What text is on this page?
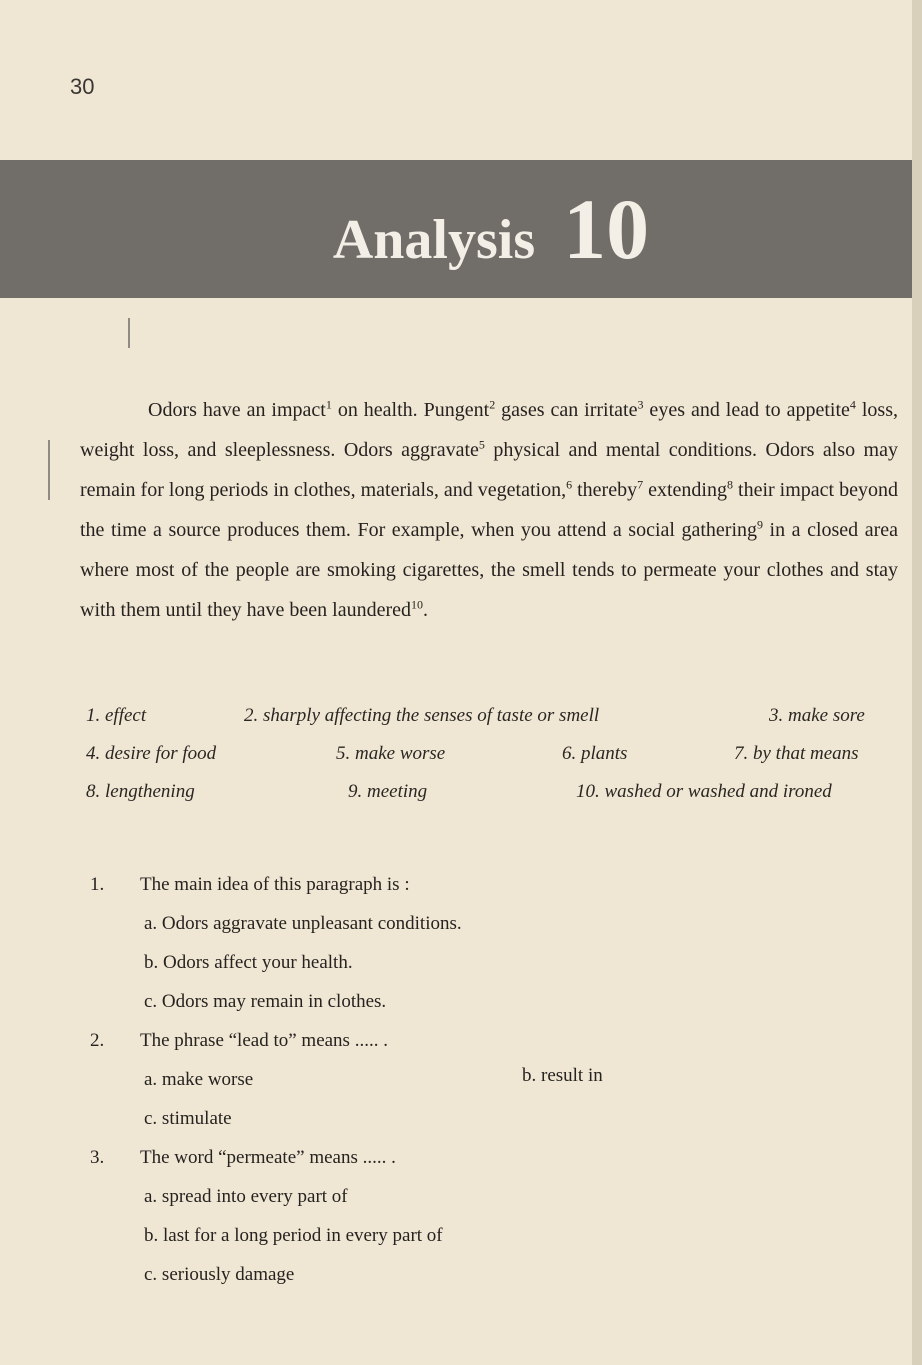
30
Analysis 10
Odors have an impact$^1$ on health. Pungent$^2$ gases can irritate$^3$ eyes and lead to appetite$^4$ loss, weight loss, and sleeplessness. Odors aggravate$^5$ physical and mental conditions. Odors also may remain for long periods in clothes, materials, and vegetation,$^6$ thereby$^7$ extending$^8$ their impact beyond the time a source produces them. For example, when you attend a social gathering$^9$ in a closed area where most of the people are smoking cigarettes, the smell tends to permeate your clothes and stay with them until they have been laundered$^{10}$.
1. effect	2. sharply affecting the senses of taste or smell	3. make sore
4. desire for food	5. make worse	6. plants	7. by that means
8. lengthening	9. meeting	10. washed or washed and ironed
1. The main idea of this paragraph is :
a. Odors aggravate unpleasant conditions.
b. Odors affect your health.
c. Odors may remain in clothes.
2. The phrase “lead to” means ..... .
a. make worse	b. result in
c. stimulate
3. The word “permeate” means ..... .
a. spread into every part of
b. last for a long period in every part of
c. seriously damage
